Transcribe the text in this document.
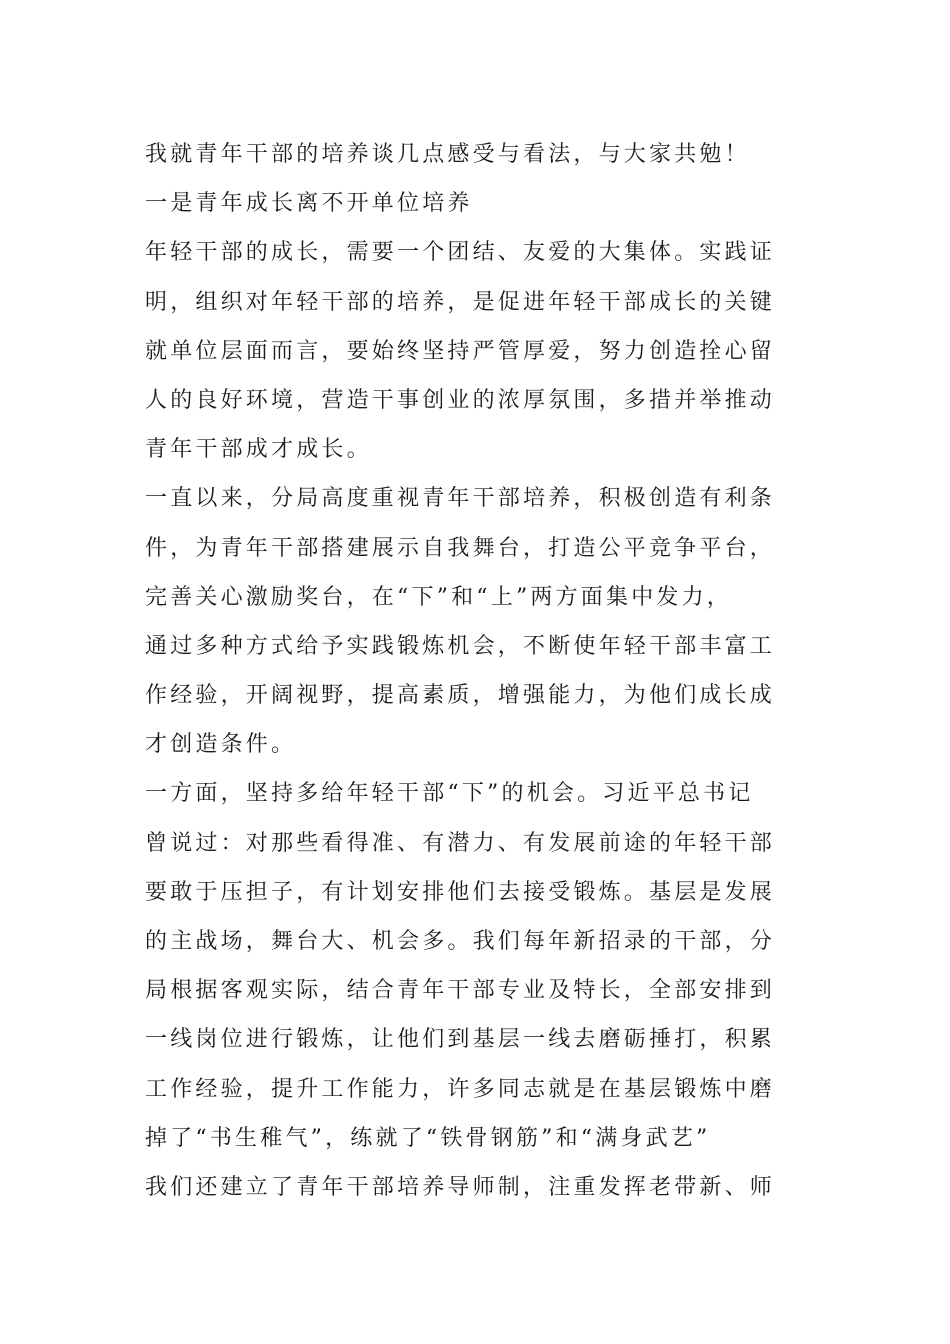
我就青年干部的培养谈几点感受与看法，与大家共勉！
一是青年成长离不开单位培养
年轻干部的成长，需要一个团结、友爱的大集体。实践证
明，组织对年轻干部的培养，是促进年轻干部成长的关键
就单位层面而言，要始终坚持严管厚爱，努力创造拴心留
人的良好环境，营造干事创业的浓厚氛围，多措并举推动
青年干部成才成长。
一直以来，分局高度重视青年干部培养，积极创造有利条
件，为青年干部搭建展示自我舞台，打造公平竞争平台，
完善关心激励奖台，在“下”和“上”两方面集中发力，
通过多种方式给予实践锻炼机会，不断使年轻干部丰富工
作经验，开阔视野，提高素质，增强能力，为他们成长成
才创造条件。
一方面，坚持多给年轻干部“下”的机会。习近平总书记
曾说过：对那些看得准、有潜力、有发展前途的年轻干部
要敢于压担子，有计划安排他们去接受锻炼。基层是发展
的主战场，舞台大、机会多。我们每年新招录的干部，分
局根据客观实际，结合青年干部专业及特长，全部安排到
一线岗位进行锻炼，让他们到基层一线去磨砺捶打，积累
工作经验，提升工作能力，许多同志就是在基层锻炼中磨
掉了“书生稚气”，练就了“铁骨钢筋”和“满身武艺”
我们还建立了青年干部培养导师制，注重发挥老带新、师
